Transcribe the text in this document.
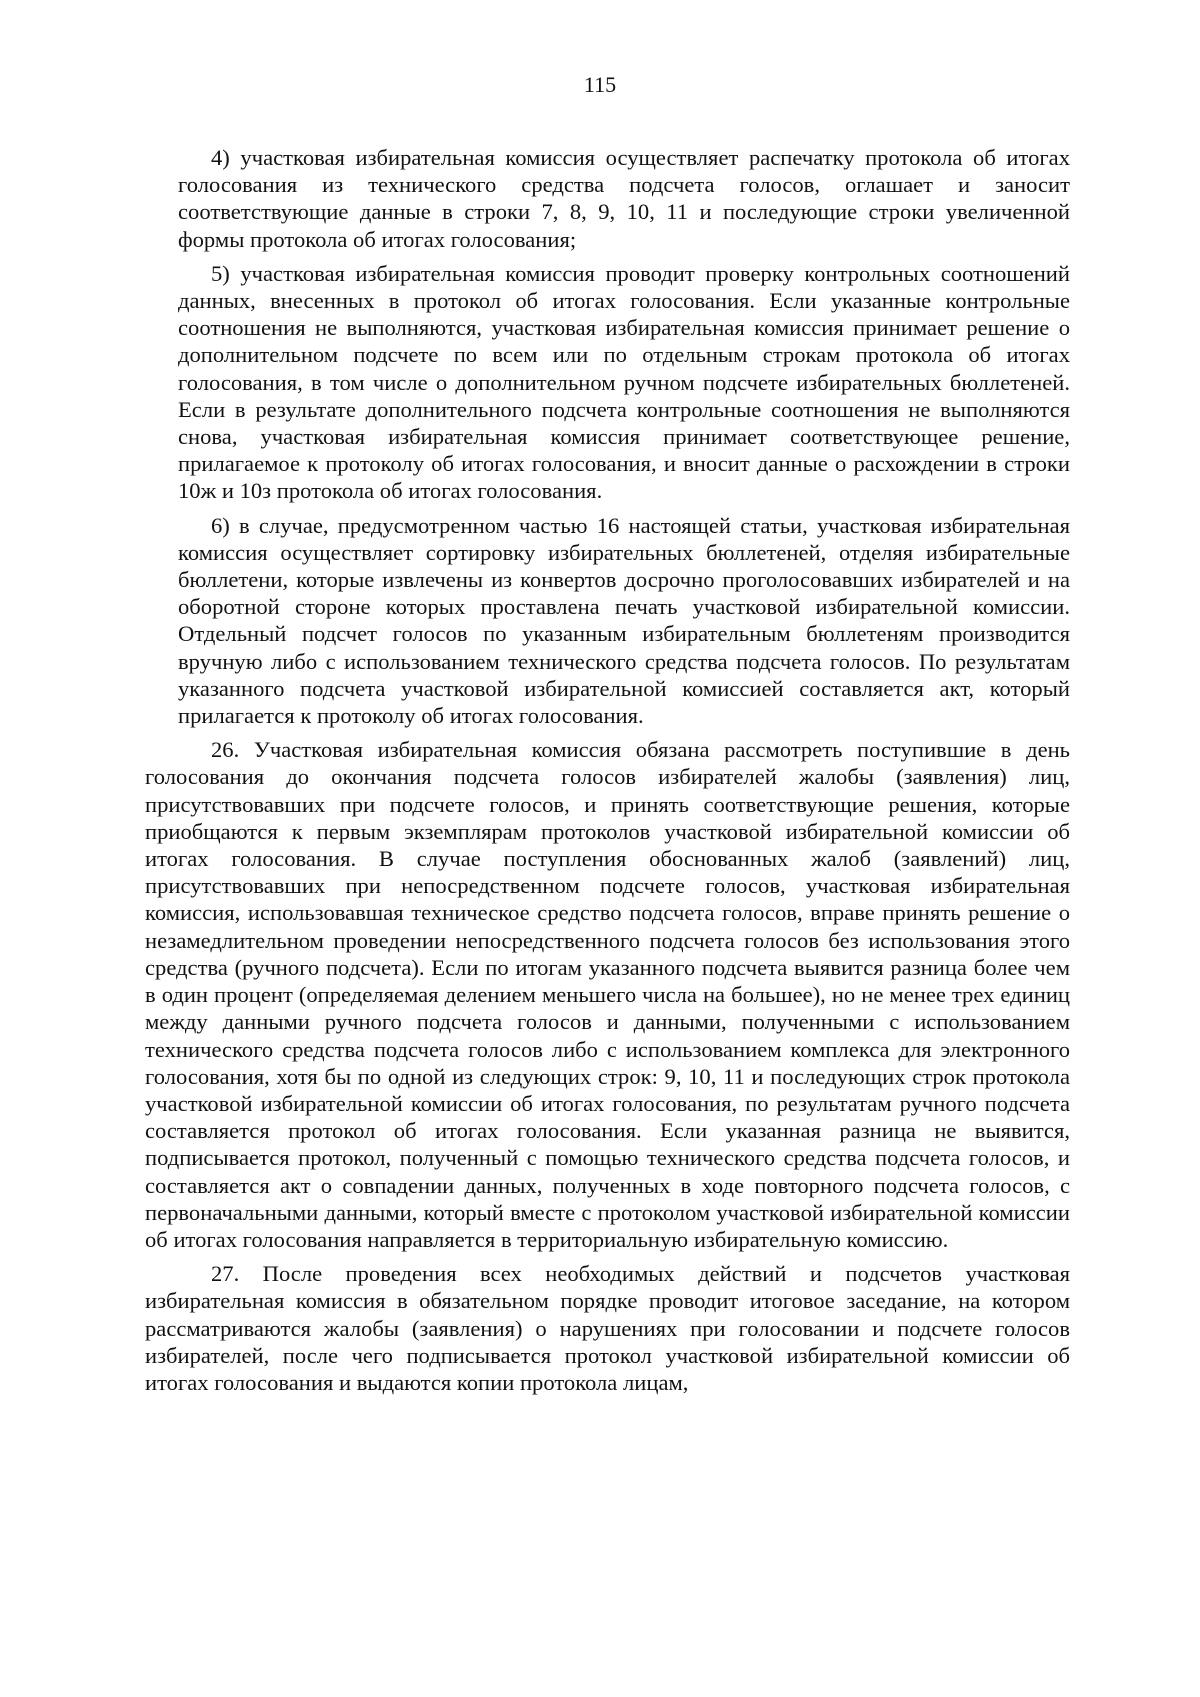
115

4) участковая избирательная комиссия осуществляет распечатку протокола об итогах голосования из технического средства подсчета голосов, оглашает и заносит соответствующие данные в строки 7, 8, 9, 10, 11 и последующие строки увеличенной формы протокола об итогах голосования;

5) участковая избирательная комиссия проводит проверку контрольных соотношений данных, внесенных в протокол об итогах голосования. Если указанные контрольные соотношения не выполняются, участковая избирательная комиссия принимает решение о дополнительном подсчете по всем или по отдельным строкам протокола об итогах голосования, в том числе о дополнительном ручном подсчете избирательных бюллетеней. Если в результате дополнительного подсчета контрольные соотношения не выполняются снова, участковая избирательная комиссия принимает соответствующее решение, прилагаемое к протоколу об итогах голосования, и вносит данные о расхождении в строки 10ж и 10з протокола об итогах голосования.

6) в случае, предусмотренном частью 16 настоящей статьи, участковая избирательная комиссия осуществляет сортировку избирательных бюллетеней, отделяя избирательные бюллетени, которые извлечены из конвертов досрочно проголосовавших избирателей и на оборотной стороне которых проставлена печать участковой избирательной комиссии. Отдельный подсчет голосов по указанным избирательным бюллетеням производится вручную либо с использованием технического средства подсчета голосов. По результатам указанного подсчета участковой избирательной комиссией составляется акт, который прилагается к протоколу об итогах голосования.

26. Участковая избирательная комиссия обязана рассмотреть поступившие в день голосования до окончания подсчета голосов избирателей жалобы (заявления) лиц, присутствовавших при подсчете голосов, и принять соответствующие решения, которые приобщаются к первым экземплярам протоколов участковой избирательной комиссии об итогах голосования. В случае поступления обоснованных жалоб (заявлений) лиц, присутствовавших при непосредственном подсчете голосов, участковая избирательная комиссия, использовавшая техническое средство подсчета голосов, вправе принять решение о незамедлительном проведении непосредственного подсчета голосов без использования этого средства (ручного подсчета). Если по итогам указанного подсчета выявится разница более чем в один процент (определяемая делением меньшего числа на большее), но не менее трех единиц между данными ручного подсчета голосов и данными, полученными с использованием технического средства подсчета голосов либо с использованием комплекса для электронного голосования, хотя бы по одной из следующих строк: 9, 10, 11 и последующих строк протокола участковой избирательной комиссии об итогах голосования, по результатам ручного подсчета составляется протокол об итогах голосования. Если указанная разница не выявится, подписывается протокол, полученный с помощью технического средства подсчета голосов, и составляется акт о совпадении данных, полученных в ходе повторного подсчета голосов, с первоначальными данными, который вместе с протоколом участковой избирательной комиссии об итогах голосования направляется в территориальную избирательную комиссию.

27. После проведения всех необходимых действий и подсчетов участковая избирательная комиссия в обязательном порядке проводит итоговое заседание, на котором рассматриваются жалобы (заявления) о нарушениях при голосовании и подсчете голосов избирателей, после чего подписывается протокол участковой избирательной комиссии об итогах голосования и выдаются копии протокола лицам,
